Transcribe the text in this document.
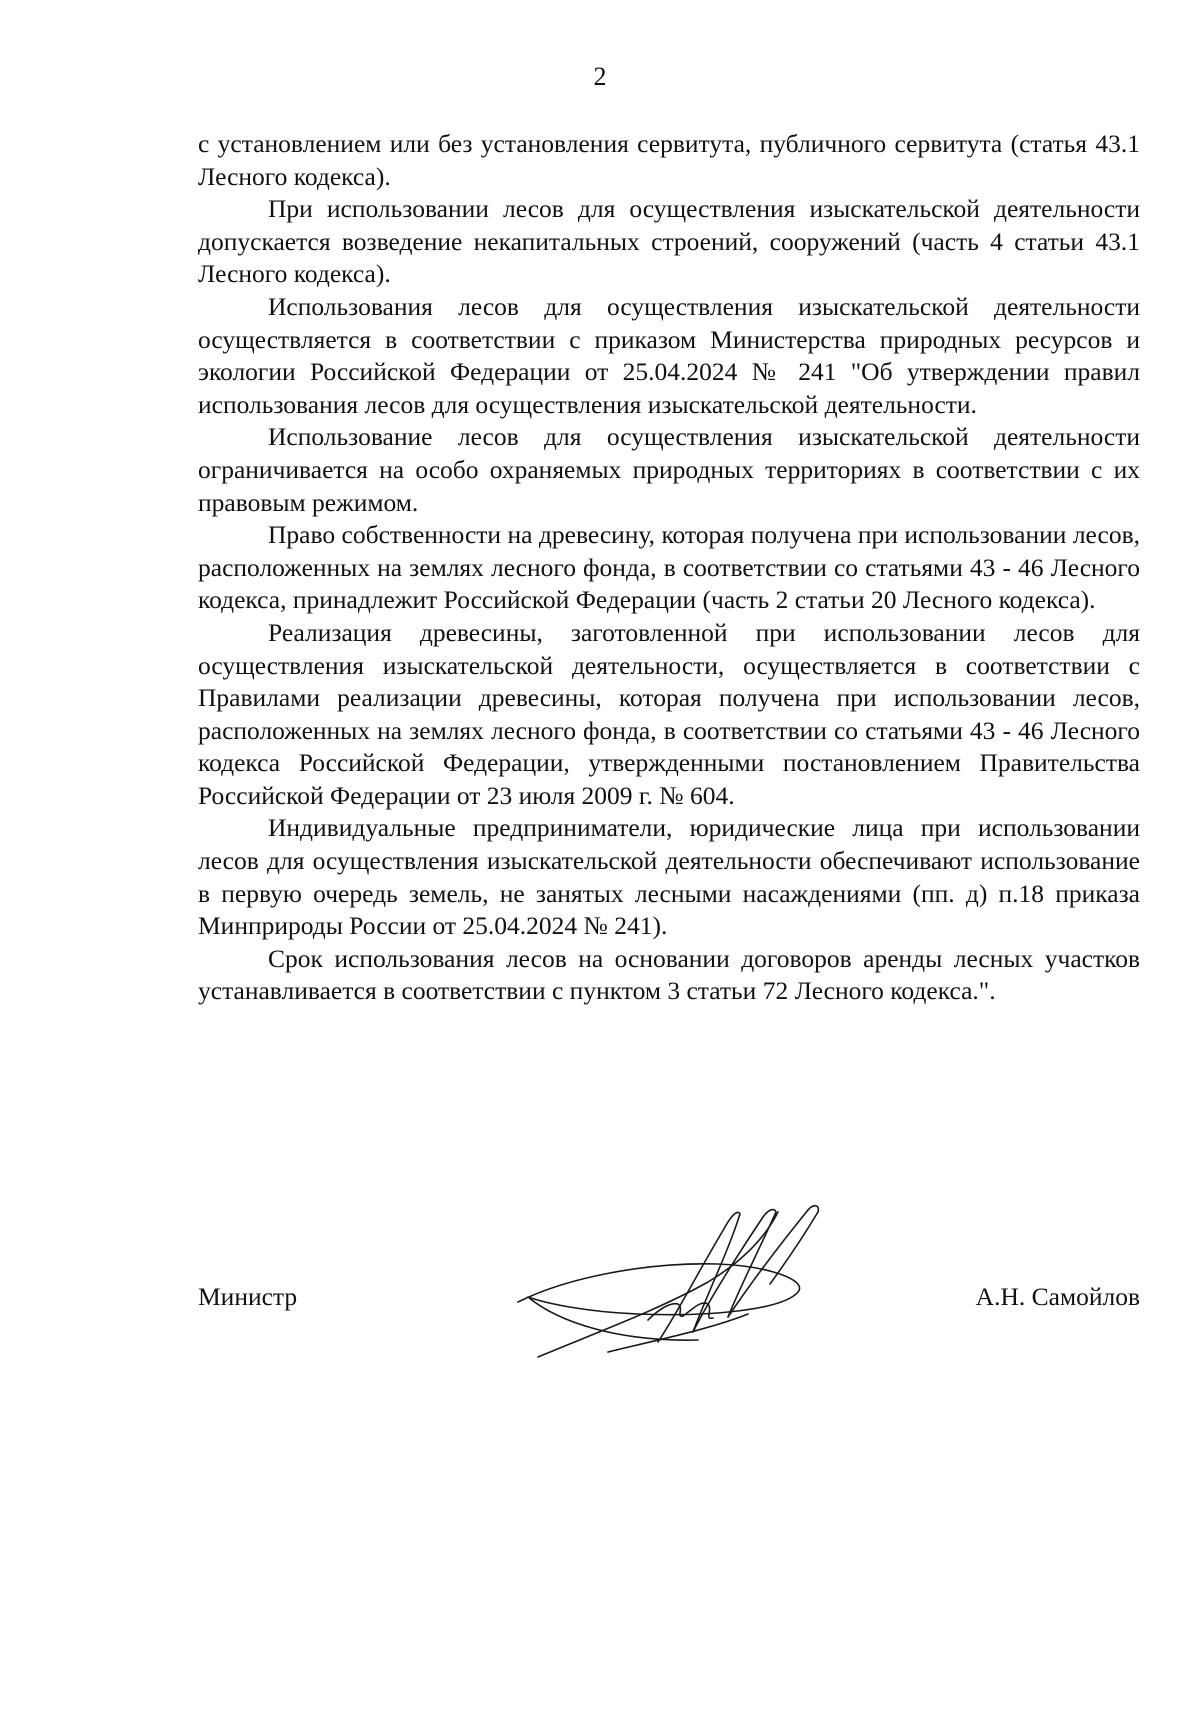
2

с установлением или без установления сервитута, публичного сервитута (статья 43.1 Лесного кодекса).

При использовании лесов для осуществления изыскательской деятельности допускается возведение некапитальных строений, сооружений (часть 4 статьи 43.1 Лесного кодекса).

Использования лесов для осуществления изыскательской деятельности осуществляется в соответствии с приказом Министерства природных ресурсов и экологии Российской Федерации от 25.04.2024 № 241 "Об утверждении правил использования лесов для осуществления изыскательской деятельности.

Использование лесов для осуществления изыскательской деятельности ограничивается на особо охраняемых природных территориях в соответствии с их правовым режимом.

Право собственности на древесину, которая получена при использовании лесов, расположенных на землях лесного фонда, в соответствии со статьями 43 - 46 Лесного кодекса, принадлежит Российской Федерации (часть 2 статьи 20 Лесного кодекса).

Реализация древесины, заготовленной при использовании лесов для осуществления изыскательской деятельности, осуществляется в соответствии с Правилами реализации древесины, которая получена при использовании лесов, расположенных на землях лесного фонда, в соответствии со статьями 43 - 46 Лесного кодекса Российской Федерации, утвержденными постановлением Правительства Российской Федерации от 23 июля 2009 г. № 604.

Индивидуальные предприниматели, юридические лица при использовании лесов для осуществления изыскательской деятельности обеспечивают использование в первую очередь земель, не занятых лесными насаждениями (пп. д) п.18 приказа Минприроды России от 25.04.2024 № 241).

Срок использования лесов на основании договоров аренды лесных участков устанавливается в соответствии с пунктом 3 статьи 72 Лесного кодекса.".

Министр	А.Н. Самойлов
